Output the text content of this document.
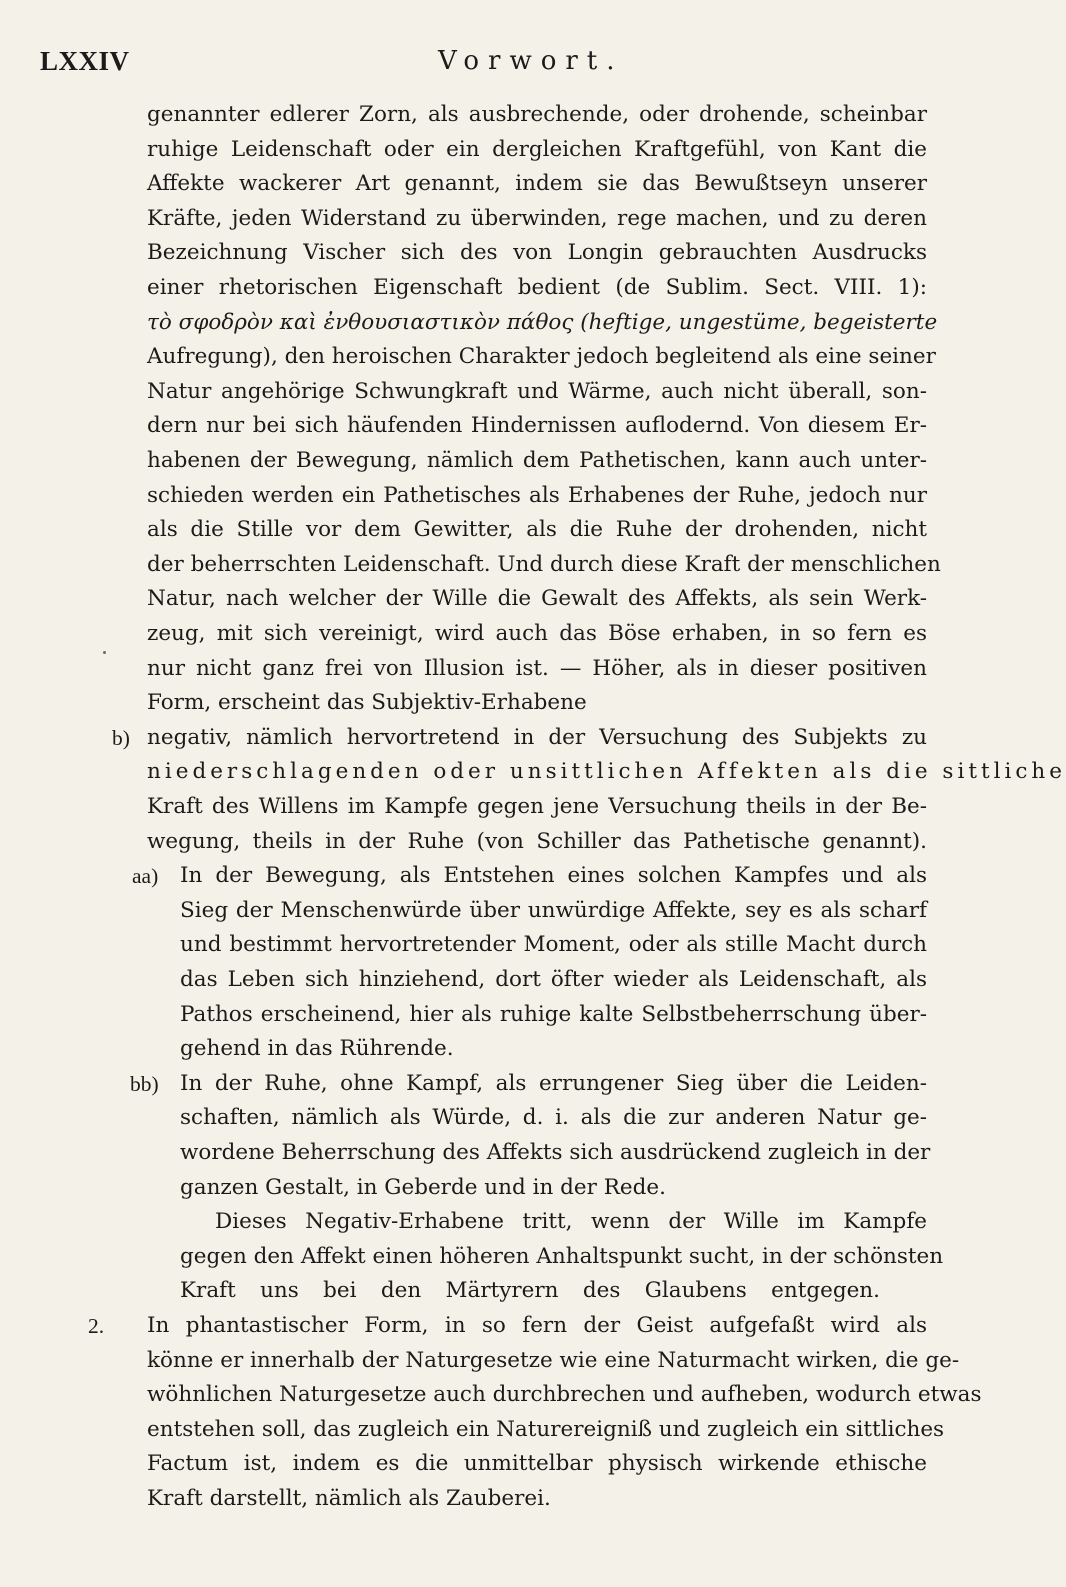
LXXIV	Vorwort.
genannter edlerer Zorn, als ausbrechende, oder drohende, scheinbar
ruhige Leidenschaft oder ein dergleichen Kraftgefühl, von Kant die
Affekte wackerer Art genannt, indem sie das Bewußtseyn unserer
Kräfte, jeden Widerstand zu überwinden, rege machen, und zu deren
Bezeichnung Vischer sich des von Longin gebrauchten Ausdrucks
einer rhetorischen Eigenschaft bedient (de Sublim. Sect. VIII. 1):
τὸ σφοδρὸν καὶ ἐνθουσιαστικὸν πάθος (heftige, ungestüme, begeisterte
Aufregung), den heroischen Charakter jedoch begleitend als eine seiner
Natur angehörige Schwungkraft und Wärme, auch nicht überall, son-
dern nur bei sich häufenden Hindernissen auflodernd. Von diesem Er-
habenen der Bewegung, nämlich dem Pathetischen, kann auch unter-
schieden werden ein Pathetisches als Erhabenes der Ruhe, jedoch nur
als die Stille vor dem Gewitter, als die Ruhe der drohenden, nicht
der beherrschten Leidenschaft. Und durch diese Kraft der menschlichen
Natur, nach welcher der Wille die Gewalt des Affekts, als sein Werk-
zeug, mit sich vereinigt, wird auch das Böse erhaben, in so fern es
nur nicht ganz frei von Illusion ist. — Höher, als in dieser positiven
Form, erscheint das Subjektiv-Erhabene
b) negativ, nämlich hervortretend in der Versuchung des Subjekts zu
niederschlagenden oder unsittlichen Affekten als die sittliche
Kraft des Willens im Kampfe gegen jene Versuchung theils in der Be-
wegung, theils in der Ruhe (von Schiller das Pathetische genannt).
aa) In der Bewegung, als Entstehen eines solchen Kampfes und als
Sieg der Menschenwürde über unwürdige Affekte, sey es als scharf
und bestimmt hervortretender Moment, oder als stille Macht durch
das Leben sich hinziehend, dort öfter wieder als Leidenschaft, als
Pathos erscheinend, hier als ruhige kalte Selbstbeherrschung über-
gehend in das Rührende.
bb) In der Ruhe, ohne Kampf, als errungener Sieg über die Leiden-
schaften, nämlich als Würde, d. i. als die zur anderen Natur ge-
wordene Beherrschung des Affekts sich ausdrückend zugleich in der
ganzen Gestalt, in Geberde und in der Rede.
Dieses Negativ-Erhabene tritt, wenn der Wille im Kampfe
gegen den Affekt einen höheren Anhaltspunkt sucht, in der schönsten
Kraft uns bei den Märtyrern des Glaubens entgegen.
2. In phantastischer Form, in so fern der Geist aufgefaßt wird als
könne er innerhalb der Naturgesetze wie eine Naturmacht wirken, die ge-
wöhnlichen Naturgesetze auch durchbrechen und aufheben, wodurch etwas
entstehen soll, das zugleich ein Naturereigniß und zugleich ein sittliches
Factum ist, indem es die unmittelbar physisch wirkende ethische
Kraft darstellt, nämlich als Zauberei.
